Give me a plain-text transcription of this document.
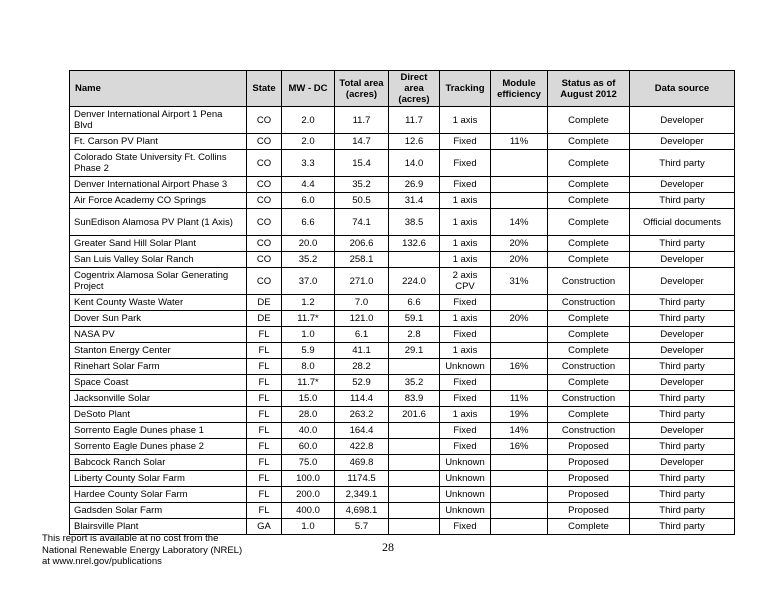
Name	State	MW - DC	Total area (acres)	Direct area (acres)	Tracking	Module efficiency	Status as of August 2012	Data source
Denver International Airport 1 Pena Blvd	CO	2.0	11.7	11.7	1 axis		Complete	Developer
Ft. Carson PV Plant	CO	2.0	14.7	12.6	Fixed	11%	Complete	Developer
Colorado State University Ft. Collins Phase 2	CO	3.3	15.4	14.0	Fixed		Complete	Third party
Denver International Airport Phase 3	CO	4.4	35.2	26.9	Fixed		Complete	Developer
Air Force Academy CO Springs	CO	6.0	50.5	31.4	1 axis		Complete	Third party
SunEdison Alamosa PV Plant (1 Axis)	CO	6.6	74.1	38.5	1 axis	14%	Complete	Official documents
Greater Sand Hill Solar Plant	CO	20.0	206.6	132.6	1 axis	20%	Complete	Third party
San Luis Valley Solar Ranch	CO	35.2	258.1		1 axis	20%	Complete	Developer
Cogentrix Alamosa Solar Generating Project	CO	37.0	271.0	224.0	2 axis CPV	31%	Construction	Developer
Kent County Waste Water	DE	1.2	7.0	6.6	Fixed		Construction	Third party
Dover Sun Park	DE	11.7*	121.0	59.1	1 axis	20%	Complete	Third party
NASA PV	FL	1.0	6.1	2.8	Fixed		Complete	Developer
Stanton Energy Center	FL	5.9	41.1	29.1	1 axis		Complete	Developer
Rinehart Solar Farm	FL	8.0	28.2		Unknown	16%	Construction	Third party
Space Coast	FL	11.7*	52.9	35.2	Fixed		Complete	Developer
Jacksonville Solar	FL	15.0	114.4	83.9	Fixed	11%	Construction	Third party
DeSoto Plant	FL	28.0	263.2	201.6	1 axis	19%	Complete	Third party
Sorrento Eagle Dunes phase 1	FL	40.0	164.4		Fixed	14%	Construction	Developer
Sorrento Eagle Dunes phase 2	FL	60.0	422.8		Fixed	16%	Proposed	Third party
Babcock Ranch Solar	FL	75.0	469.8		Unknown		Proposed	Developer
Liberty County Solar Farm	FL	100.0	1174.5		Unknown		Proposed	Third party
Hardee County Solar Farm	FL	200.0	2,349.1		Unknown		Proposed	Third party
Gadsden Solar Farm	FL	400.0	4,698.1		Unknown		Proposed	Third party
Blairsville Plant	GA	1.0	5.7		Fixed		Complete	Third party
This report is available at no cost from the
National Renewable Energy Laboratory (NREL)
at www.nrel.gov/publications
28
